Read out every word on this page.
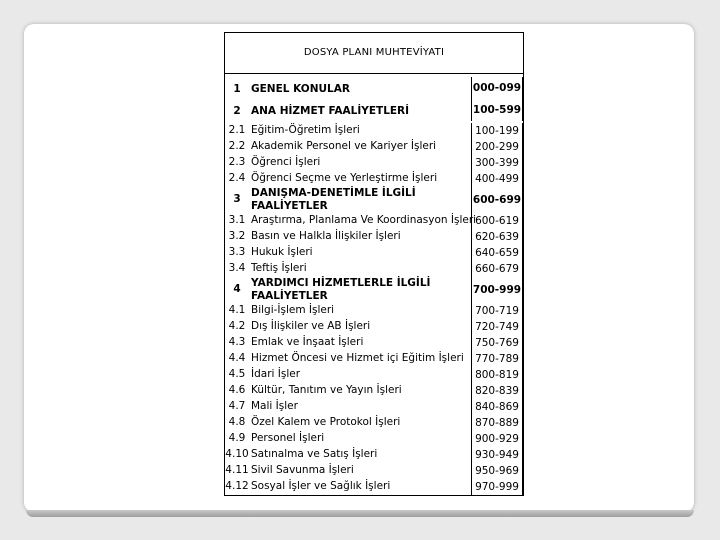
DOSYA PLANI MUHTEVİYATI
1 GENEL KONULAR	000-099
2 ANA HİZMET FAALİYETLERİ	100-599
2.1 Eğitim-Öğretim İşleri	100-199
2.2 Akademik Personel ve Kariyer İşleri	200-299
2.3 Öğrenci İşleri	300-399
2.4 Öğrenci Seçme ve Yerleştirme İşleri	400-499
3 DANIŞMA-DENETİMLE İLGİLİ FAALİYETLER	600-699
3.1 Araştırma, Planlama Ve Koordinasyon İşleri 600-619
3.2 Basın ve Halkla İlişkiler İşleri	620-639
3.3 Hukuk İşleri	640-659
3.4 Teftiş İşleri	660-679
4 YARDIMCI HİZMETLERLE İLGİLİ FAALİYETLER	700-999
4.1 Bilgi-İşlem İşleri	700-719
4.2 Dış İlişkiler ve AB İşleri	720-749
4.3 Emlak ve İnşaat İşleri	750-769
4.4 Hizmet Öncesi ve Hizmet içi Eğitim İşleri	770-789
4.5 İdari İşler	800-819
4.6 Kültür, Tanıtım ve Yayın İşleri	820-839
4.7 Mali İşler	840-869
4.8 Özel Kalem ve Protokol İşleri	870-889
4.9 Personel İşleri	900-929
4.10 Satınalma ve Satış İşleri	930-949
4.11 Sivil Savunma İşleri	950-969
4.12 Sosyal İşler ve Sağlık İşleri	970-999
